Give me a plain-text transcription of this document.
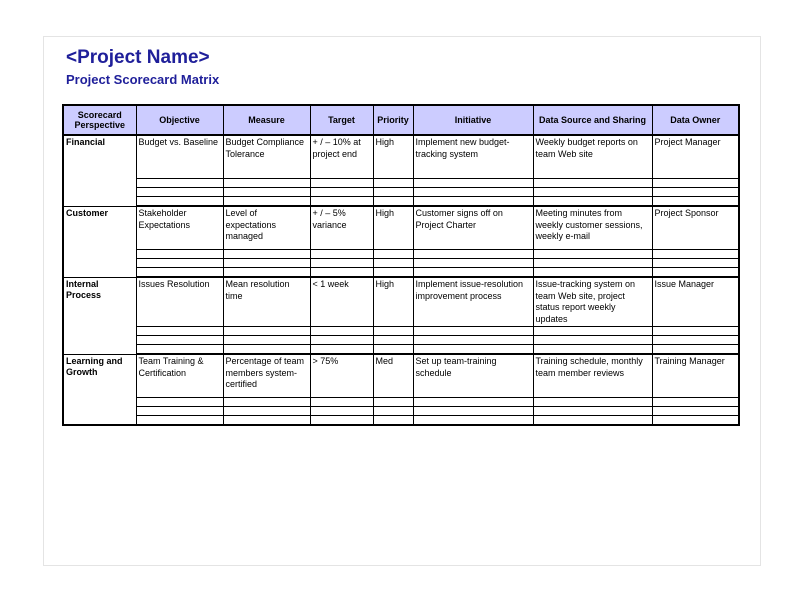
<Project Name>
Project Scorecard Matrix
Scorecard Perspective	Objective	Measure	Target	Priority	Initiative	Data Source and Sharing	Data Owner
Financial	Budget vs. Baseline	Budget Compliance Tolerance	+ / – 10% at project end	High	Implement new budget-tracking system	Weekly budget reports on team Web site	Project Manager

Customer	Stakeholder Expectations	Level of expectations managed	+ / – 5% variance	High	Customer signs off on Project Charter	Meeting minutes from weekly customer sessions, weekly e-mail	Project Sponsor

Internal Process	Issues Resolution	Mean resolution time	< 1 week	High	Implement issue-resolution improvement process	Issue-tracking system on team Web site, project status report weekly updates	Issue Manager

Learning and Growth	Team Training & Certification	Percentage of team members system-certified	> 75%	Med	Set up team-training schedule	Training schedule, monthly team member reviews	Training Manager
